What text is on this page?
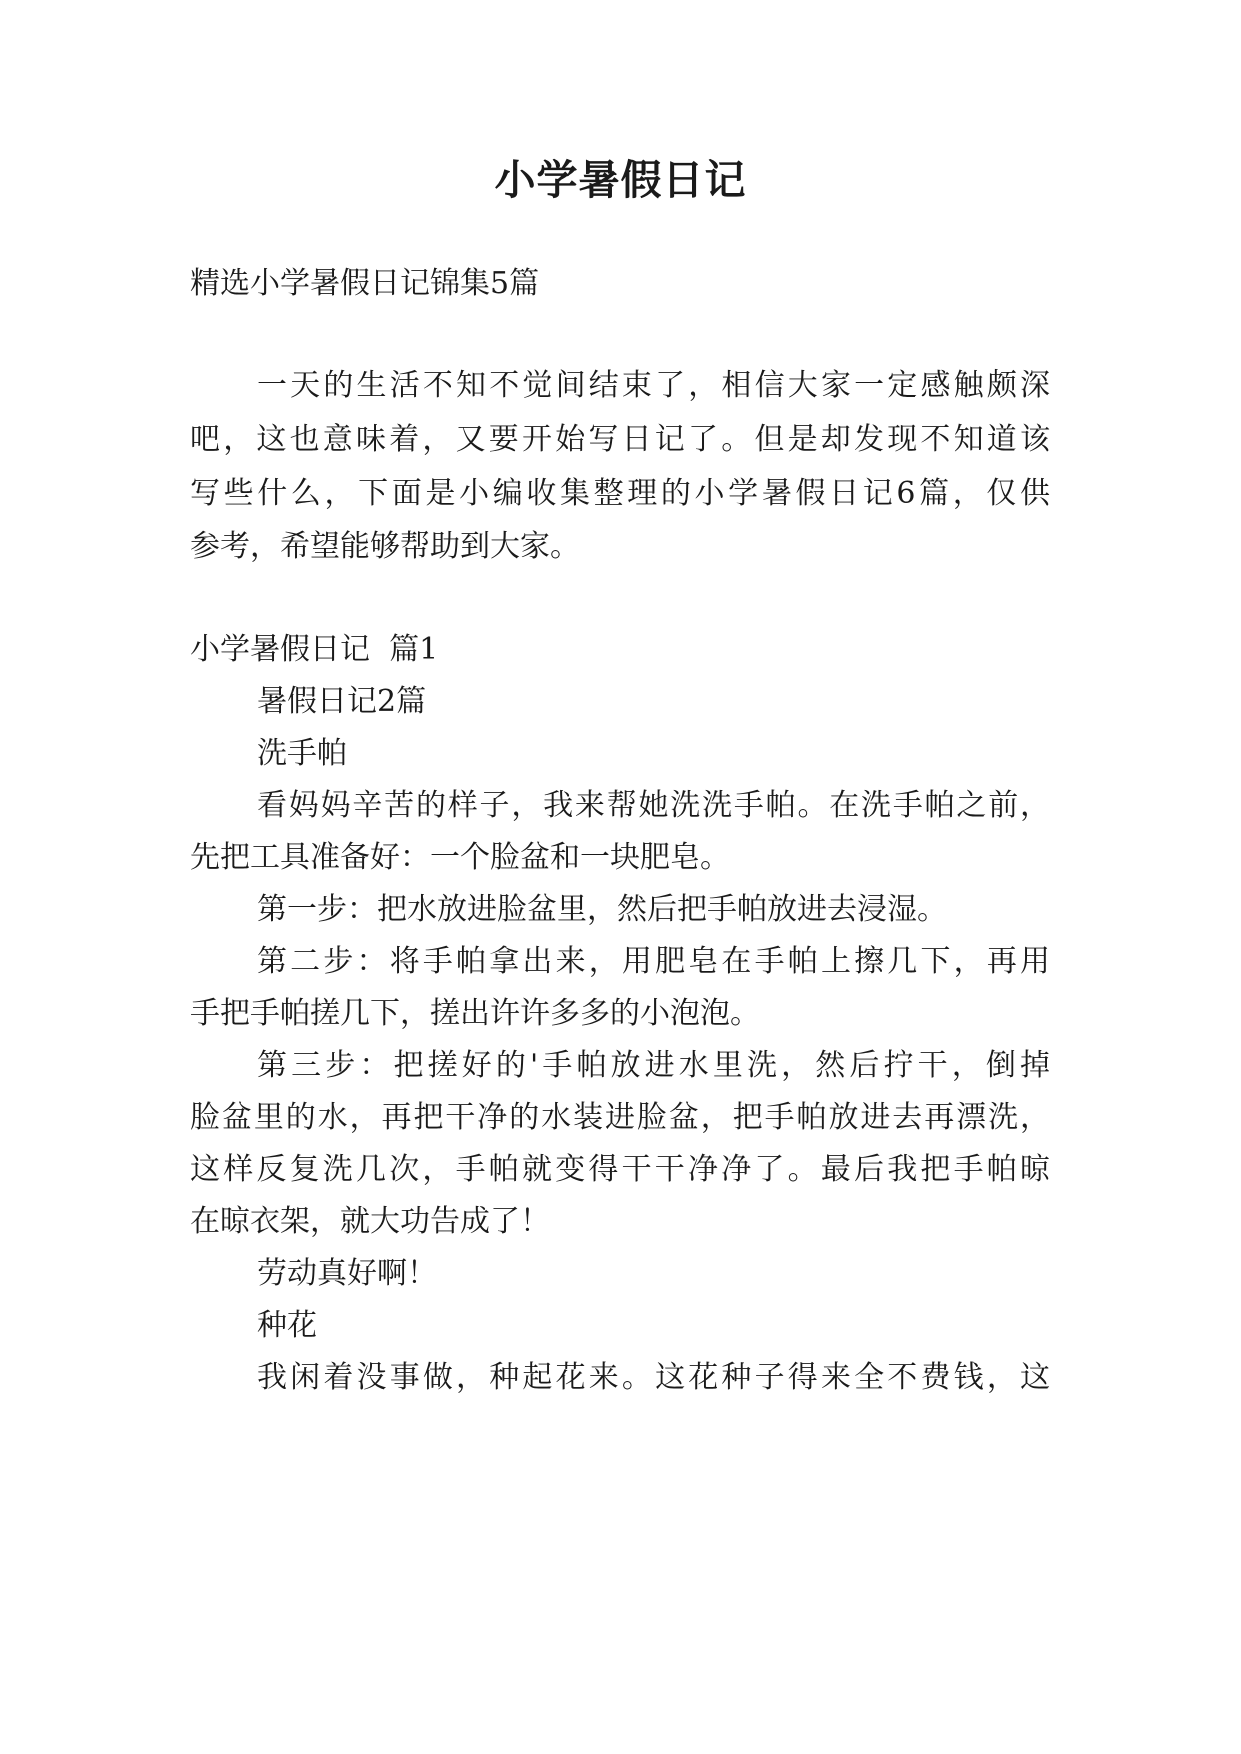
小学暑假日记

精选小学暑假日记锦集5篇

一天的生活不知不觉间结束了，相信大家一定感触颇深

吧，这也意味着，又要开始写日记了。但是却发现不知道该

写些什么，下面是小编收集整理的小学暑假日记6篇，仅供

参考，希望能够帮助到大家。

小学暑假日记  篇1

暑假日记2篇

洗手帕

看妈妈辛苦的样子，我来帮她洗洗手帕。在洗手帕之前，

先把工具准备好：一个脸盆和一块肥皂。

第一步：把水放进脸盆里，然后把手帕放进去浸湿。

第二步：将手帕拿出来，用肥皂在手帕上擦几下，再用

手把手帕搓几下，搓出许许多多的小泡泡。

第三步：把搓好的'手帕放进水里洗，然后拧干，倒掉

脸盆里的水，再把干净的水装进脸盆，把手帕放进去再漂洗，

这样反复洗几次，手帕就变得干干净净了。最后我把手帕晾

在晾衣架，就大功告成了！

劳动真好啊！

种花

我闲着没事做，种起花来。这花种子得来全不费钱，这
